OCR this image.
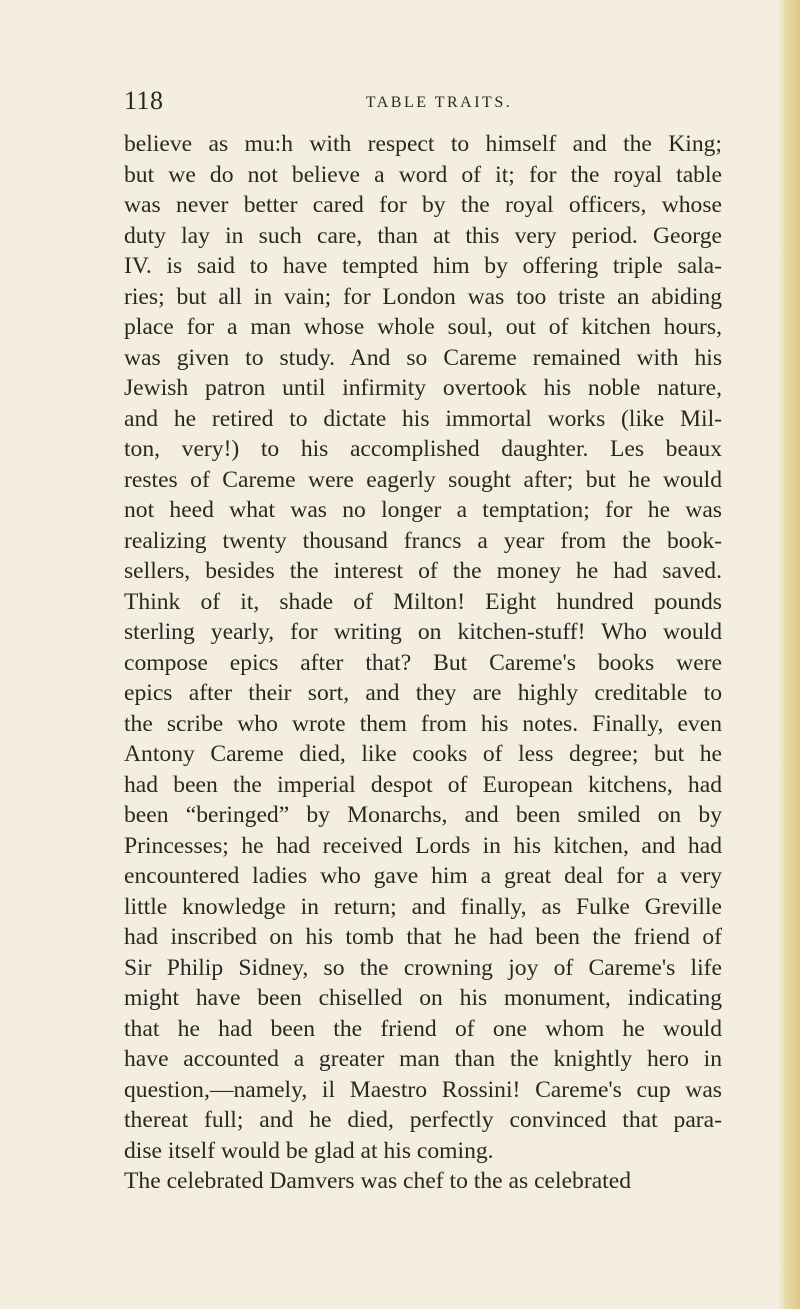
118	TABLE TRAITS.
believe as mu:h with respect to himself and the King;
but we do not believe a word of it; for the royal table
was never better cared for by the royal officers, whose
duty lay in such care, than at this very period. George
IV. is said to have tempted him by offering triple sala-
ries; but all in vain; for London was too triste an abiding
place for a man whose whole soul, out of kitchen hours,
was given to study. And so Careme remained with his
Jewish patron until infirmity overtook his noble nature,
and he retired to dictate his immortal works (like Mil-
ton, very!) to his accomplished daughter. Les beaux
restes of Careme were eagerly sought after; but he would
not heed what was no longer a temptation; for he was
realizing twenty thousand francs a year from the book-
sellers, besides the interest of the money he had saved.
Think of it, shade of Milton! Eight hundred pounds
sterling yearly, for writing on kitchen-stuff! Who would
compose epics after that? But Careme's books were
epics after their sort, and they are highly creditable to
the scribe who wrote them from his notes. Finally, even
Antony Careme died, like cooks of less degree; but he
had been the imperial despot of European kitchens, had
been “beringed” by Monarchs, and been smiled on by
Princesses; he had received Lords in his kitchen, and had
encountered ladies who gave him a great deal for a very
little knowledge in return; and finally, as Fulke Greville
had inscribed on his tomb that he had been the friend of
Sir Philip Sidney, so the crowning joy of Careme's life
might have been chiselled on his monument, indicating
that he had been the friend of one whom he would
have accounted a greater man than the knightly hero in
question,—namely, il Maestro Rossini! Careme's cup was
thereat full; and he died, perfectly convinced that para-
dise itself would be glad at his coming.
The celebrated Damvers was chef to the as celebrated
